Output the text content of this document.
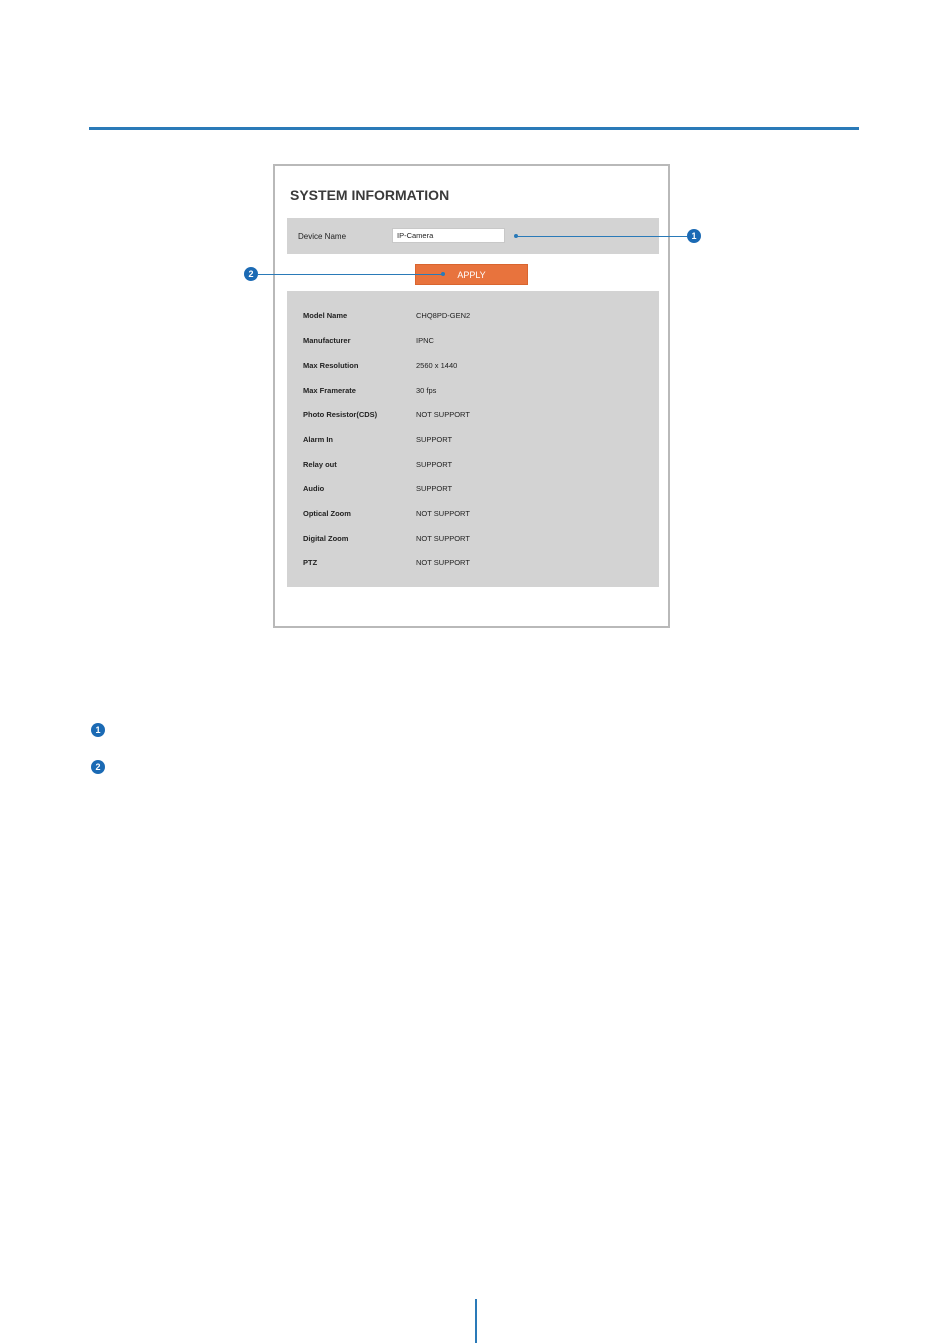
SYSTEM INFORMATION
Device Name
IP-Camera
APPLY
Model Name	CHQ8PD-GEN2
Manufacturer	IPNC
Max Resolution	2560 x 1440
Max Framerate	30 fps
Photo Resistor(CDS)	NOT SUPPORT
Alarm In	SUPPORT
Relay out	SUPPORT
Audio	SUPPORT
Optical Zoom	NOT SUPPORT
Digital Zoom	NOT SUPPORT
PTZ	NOT SUPPORT
1
2
1
2
